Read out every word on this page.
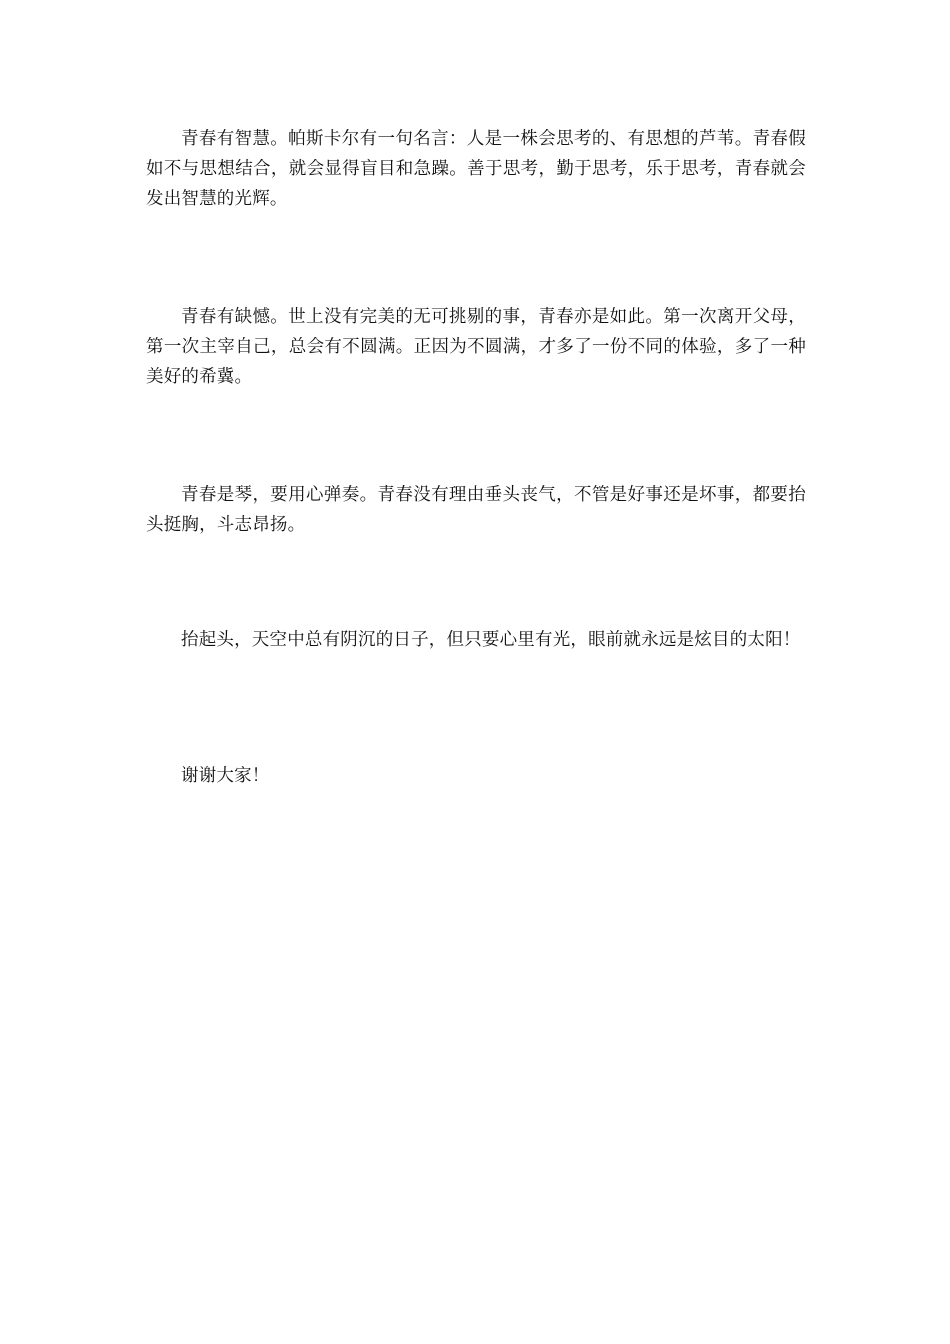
青春有智慧。帕斯卡尔有一句名言：人是一株会思考的、有思想的芦苇。青春假如不与思想结合，就会显得盲目和急躁。善于思考，勤于思考，乐于思考，青春就会发出智慧的光辉。

青春有缺憾。世上没有完美的无可挑剔的事，青春亦是如此。第一次离开父母，第一次主宰自己，总会有不圆满。正因为不圆满，才多了一份不同的体验，多了一种美好的希冀。

青春是琴，要用心弹奏。青春没有理由垂头丧气，不管是好事还是坏事，都要抬头挺胸，斗志昂扬。

抬起头，天空中总有阴沉的日子，但只要心里有光，眼前就永远是炫目的太阳！

谢谢大家！
